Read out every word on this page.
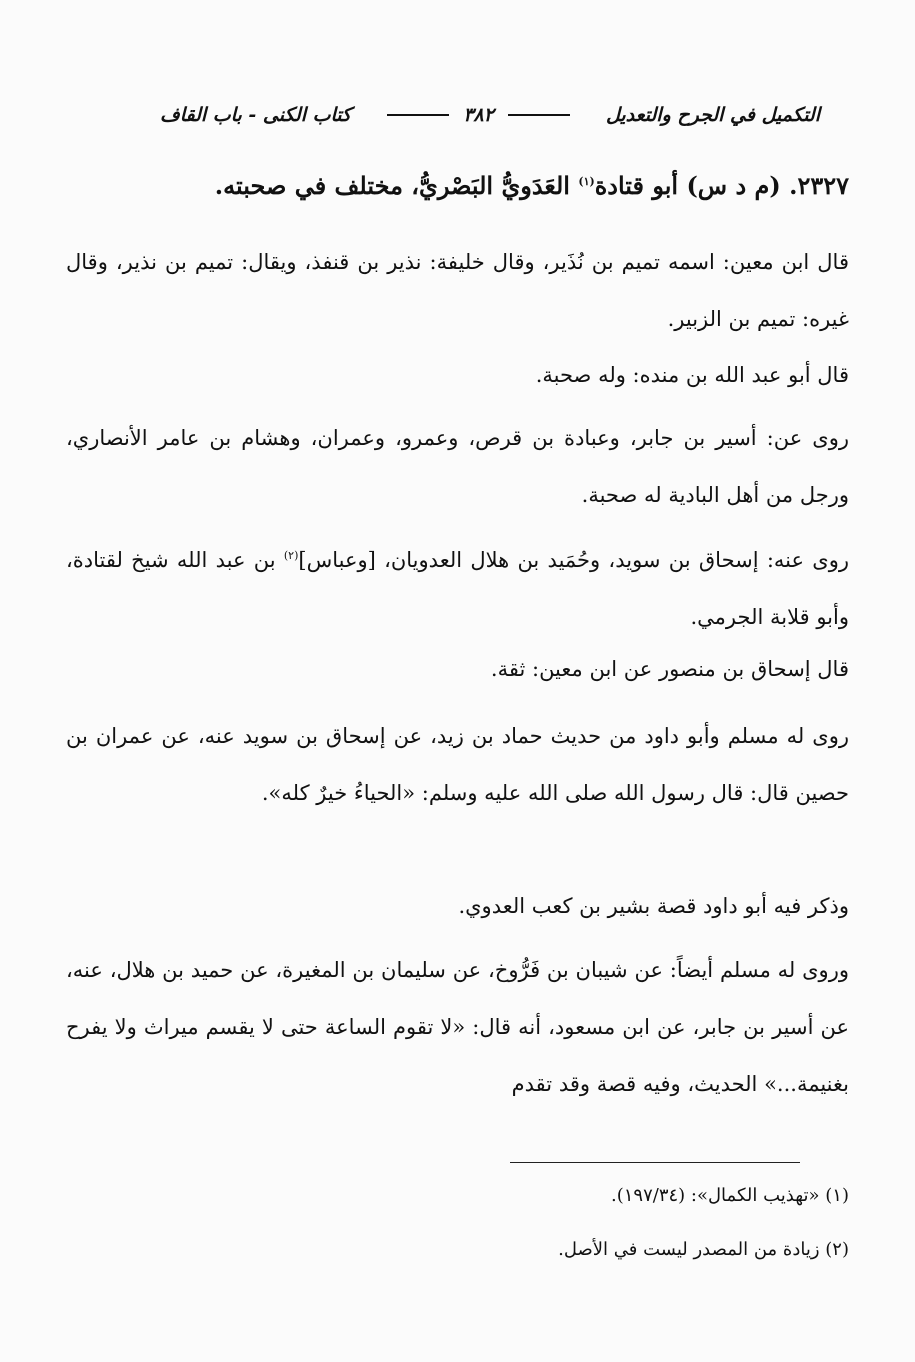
التكميل في الجرح والتعديل
٣٨٢
كتاب الكنى - باب القاف
٢٣٢٧. (م د س) أبو قتادة$^{(١)}$ العَدَويُّ البَصْريُّ، مختلف في صحبته.

قال ابن معين: اسمه تميم بن نُذَير، وقال خليفة: نذير بن قنفذ، ويقال: تميم بن نذير، وقال غيره: تميم بن الزبير.

قال أبو عبد الله بن منده: وله صحبة.

روى عن: أسير بن جابر، وعبادة بن قرص، وعمرو، وعمران، وهشام بن عامر الأنصاري، ورجل من أهل البادية له صحبة.

روى عنه: إسحاق بن سويد، وحُمَيد بن هلال العدويان، [وعباس]$^{(٢)}$ بن عبد الله شيخ لقتادة، وأبو قلابة الجرمي.

قال إسحاق بن منصور عن ابن معين: ثقة.

روى له مسلم وأبو داود من حديث حماد بن زيد، عن إسحاق بن سويد عنه، عن عمران بن حصين قال: قال رسول الله صلى الله عليه وسلم: «الحياءُ خيرٌ كله».

وذكر فيه أبو داود قصة بشير بن كعب العدوي.

وروى له مسلم أيضاً: عن شيبان بن فَرُّوخ، عن سليمان بن المغيرة، عن حميد بن هلال، عنه، عن أسير بن جابر، عن ابن مسعود، أنه قال: «لا تقوم الساعة حتى لا يقسم ميراث ولا يفرح بغنيمة...» الحديث، وفيه قصة وقد تقدم

(١) «تهذيب الكمال»: (١٩٧/٣٤).

(٢) زيادة من المصدر ليست في الأصل.
